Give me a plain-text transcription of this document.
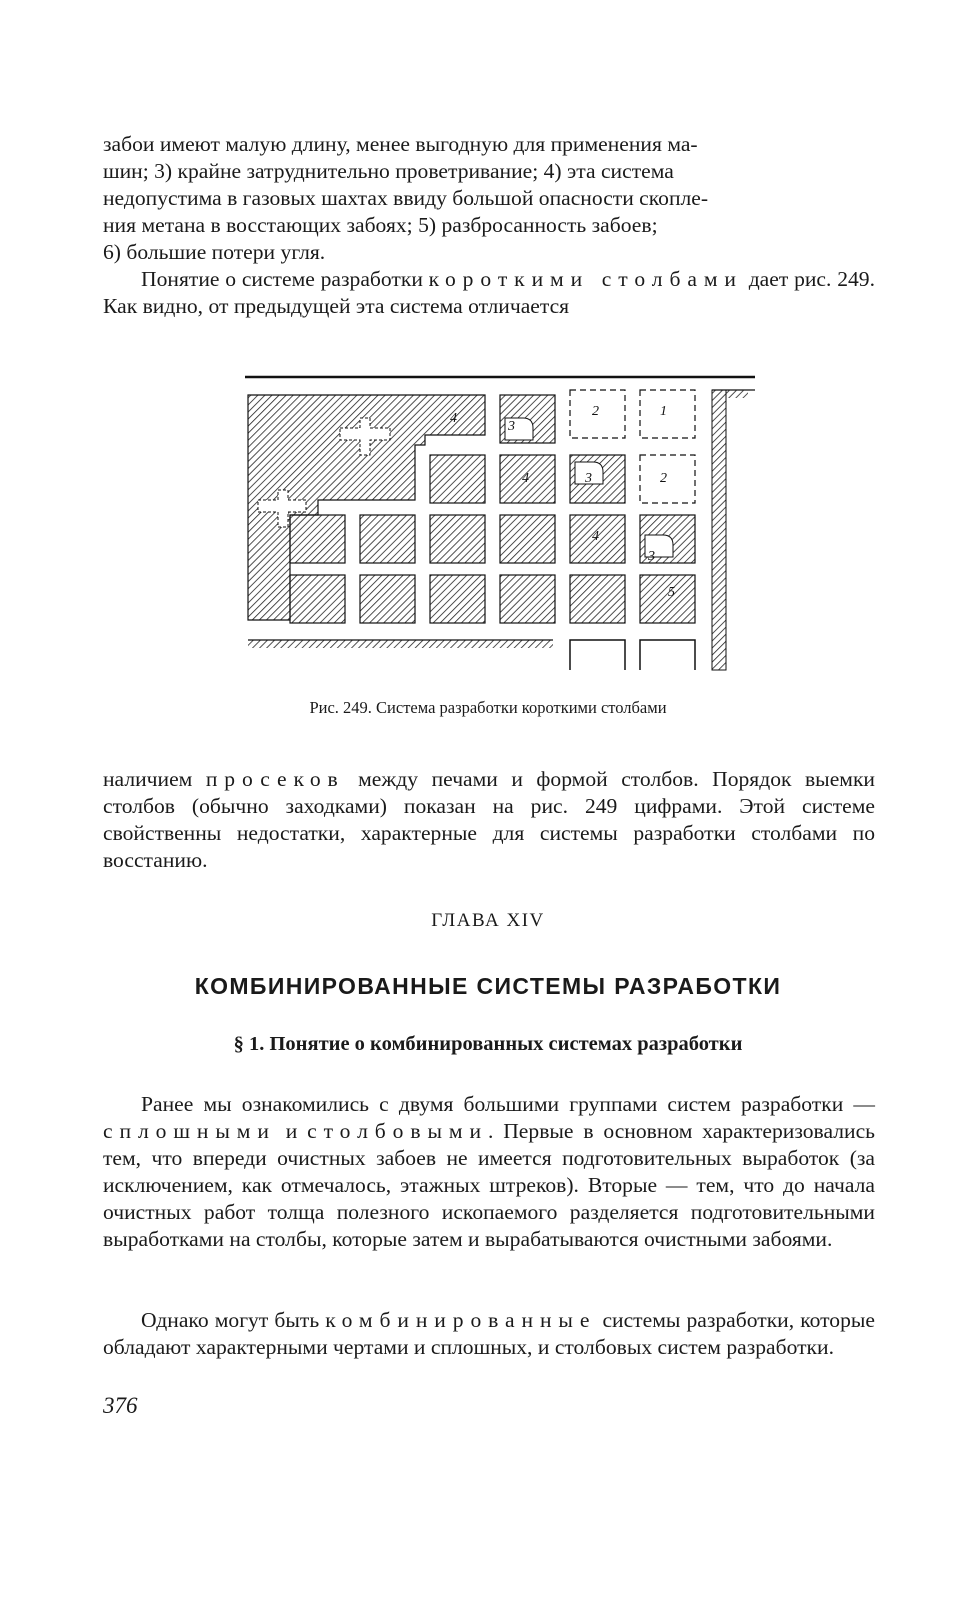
забои имеют малую длину, менее выгодную для применения ма-
шин; 3) крайне затруднительно проветривание; 4) эта система
недопустима в газовых шахтах ввиду большой опасности скопле-
ния метана в восстающих забоях; 5) разбросанность забоев;
6) большие потери угля.

Понятие о системе разработки короткими столбами дает рис. 249. Как видно, от предыдущей эта система отличается

4
3
2	1
4	3	2
4
3
5
Рис. 249. Система разработки короткими столбами

наличием просеков между печами и формой столбов. Порядок выемки столбов (обычно заходками) показан на рис. 249 цифрами. Этой системе свойственны недостатки, характерные для системы разработки столбами по восстанию.

ГЛАВА XIV
КОМБИНИРОВАННЫЕ СИСТЕМЫ РАЗРАБОТКИ
§ 1. Понятие о комбинированных системах разработки

Ранее мы ознакомились с двумя большими группами систем разработки — сплошными и столбовыми. Первые в основном характеризовались тем, что впереди очистных забоев не имеется подготовительных выработок (за исключением, как отмечалось, этажных штреков). Вторые — тем, что до начала очистных работ толща полезного ископаемого разделяется подготовительными выработками на столбы, которые затем и вырабатываются очистными забоями.

Однако могут быть комбинированные системы разработки, которые обладают характерными чертами и сплошных, и столбовых систем разработки.

376
